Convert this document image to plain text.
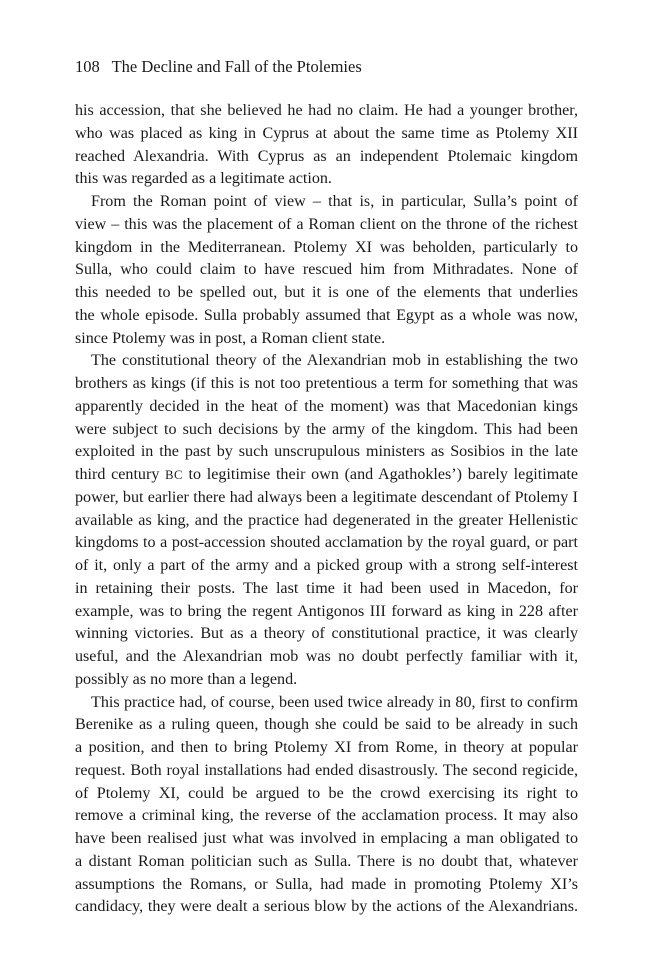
108 The Decline and Fall of the Ptolemies
his accession, that she believed he had no claim. He had a younger brother,
who was placed as king in Cyprus at about the same time as Ptolemy XII
reached Alexandria. With Cyprus as an independent Ptolemaic kingdom
this was regarded as a legitimate action.
From the Roman point of view – that is, in particular, Sulla’s point of
view – this was the placement of a Roman client on the throne of the richest
kingdom in the Mediterranean. Ptolemy XI was beholden, particularly to
Sulla, who could claim to have rescued him from Mithradates. None of
this needed to be spelled out, but it is one of the elements that underlies
the whole episode. Sulla probably assumed that Egypt as a whole was now,
since Ptolemy was in post, a Roman client state.
The constitutional theory of the Alexandrian mob in establishing the two
brothers as kings (if this is not too pretentious a term for something that was
apparently decided in the heat of the moment) was that Macedonian kings
were subject to such decisions by the army of the kingdom. This had been
exploited in the past by such unscrupulous ministers as Sosibios in the late
third century BC to legitimise their own (and Agathokles’) barely legitimate
power, but earlier there had always been a legitimate descendant of Ptolemy I
available as king, and the practice had degenerated in the greater Hellenistic
kingdoms to a post-accession shouted acclamation by the royal guard, or part
of it, only a part of the army and a picked group with a strong self-interest
in retaining their posts. The last time it had been used in Macedon, for
example, was to bring the regent Antigonos III forward as king in 228 after
winning victories. But as a theory of constitutional practice, it was clearly
useful, and the Alexandrian mob was no doubt perfectly familiar with it,
possibly as no more than a legend.
This practice had, of course, been used twice already in 80, first to confirm
Berenike as a ruling queen, though she could be said to be already in such
a position, and then to bring Ptolemy XI from Rome, in theory at popular
request. Both royal installations had ended disastrously. The second regicide,
of Ptolemy XI, could be argued to be the crowd exercising its right to
remove a criminal king, the reverse of the acclamation process. It may also
have been realised just what was involved in emplacing a man obligated to
a distant Roman politician such as Sulla. There is no doubt that, whatever
assumptions the Romans, or Sulla, had made in promoting Ptolemy XI’s
candidacy, they were dealt a serious blow by the actions of the Alexandrians.
